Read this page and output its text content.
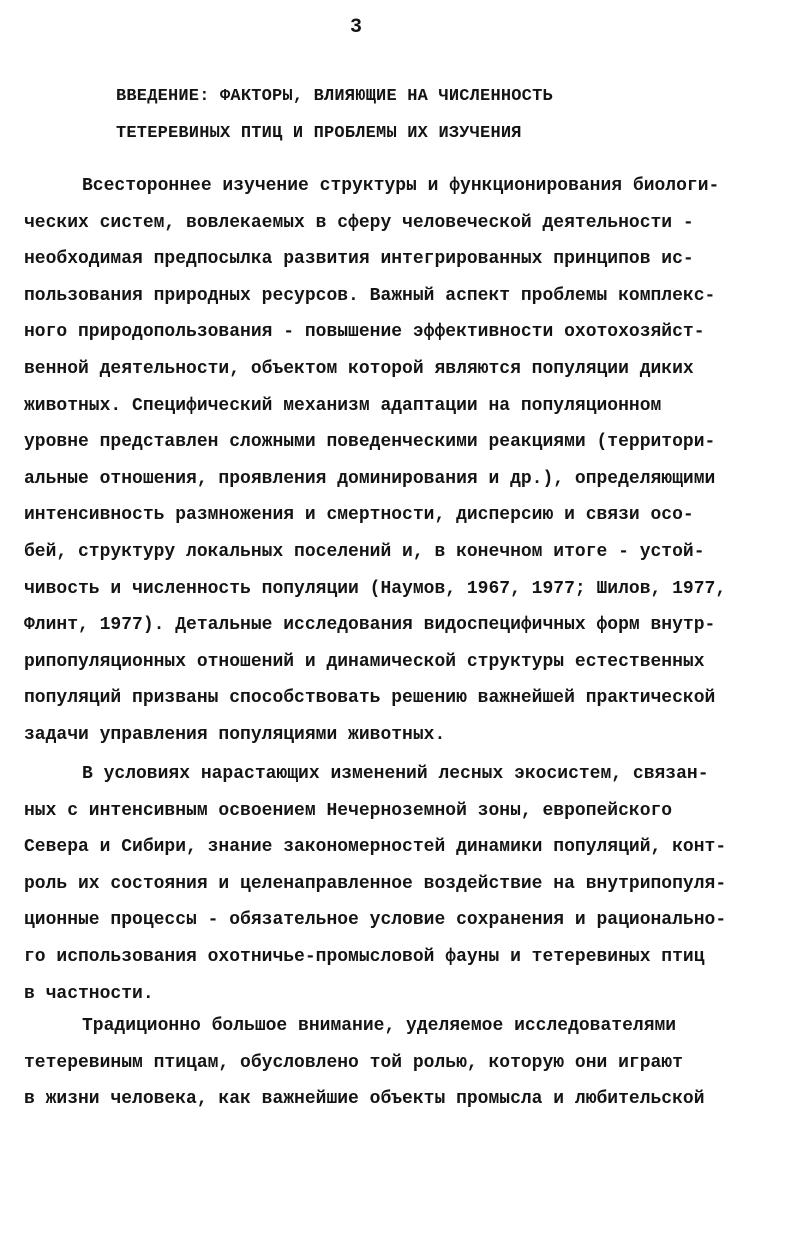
3
ВВЕДЕНИЕ: ФАКТОРЫ, ВЛИЯЮЩИЕ НА ЧИСЛЕННОСТЬ
ТЕТЕРЕВИНЫХ ПТИЦ И ПРОБЛЕМЫ ИХ ИЗУЧЕНИЯ
Всестороннее изучение структуры и функционирования биологи-
ческих систем, вовлекаемых в сферу человеческой деятельности -
необходимая предпосылка развития интегрированных принципов ис-
пользования природных ресурсов. Важный аспект проблемы комплекс-
ного природопользования - повышение эффективности охотохозяйст-
венной деятельности, объектом которой являются популяции диких
животных. Специфический механизм адаптации на популяционном
уровне представлен сложными поведенческими реакциями (территори-
альные отношения, проявления доминирования и др.), определяющими
интенсивность размножения и смертности, дисперсию и связи осо-
бей, структуру локальных поселений и, в конечном итоге - устой-
чивость и численность популяции (Наумов, 1967, 1977; Шилов, 1977,
Флинт, 1977). Детальные исследования видоспецифичных форм внутр-
рипопуляционных отношений и динамической структуры естественных
популяций призваны способствовать решению важнейшей практической
задачи управления популяциями животных.
В условиях нарастающих изменений лесных экосистем, связан-
ных с интенсивным освоением Нечерноземной зоны, европейского
Севера и Сибири, знание закономерностей динамики популяций, конт-
роль их состояния и целенаправленное воздействие на внутрипопуля-
ционные процессы - обязательное условие сохранения и рационально-
го использования охотничье-промысловой фауны и тетеревиных птиц
в частности.
Традиционно большое внимание, уделяемое исследователями
тетеревиным птицам, обусловлено той ролью, которую они играют
в жизни человека, как важнейшие объекты промысла и любительской
